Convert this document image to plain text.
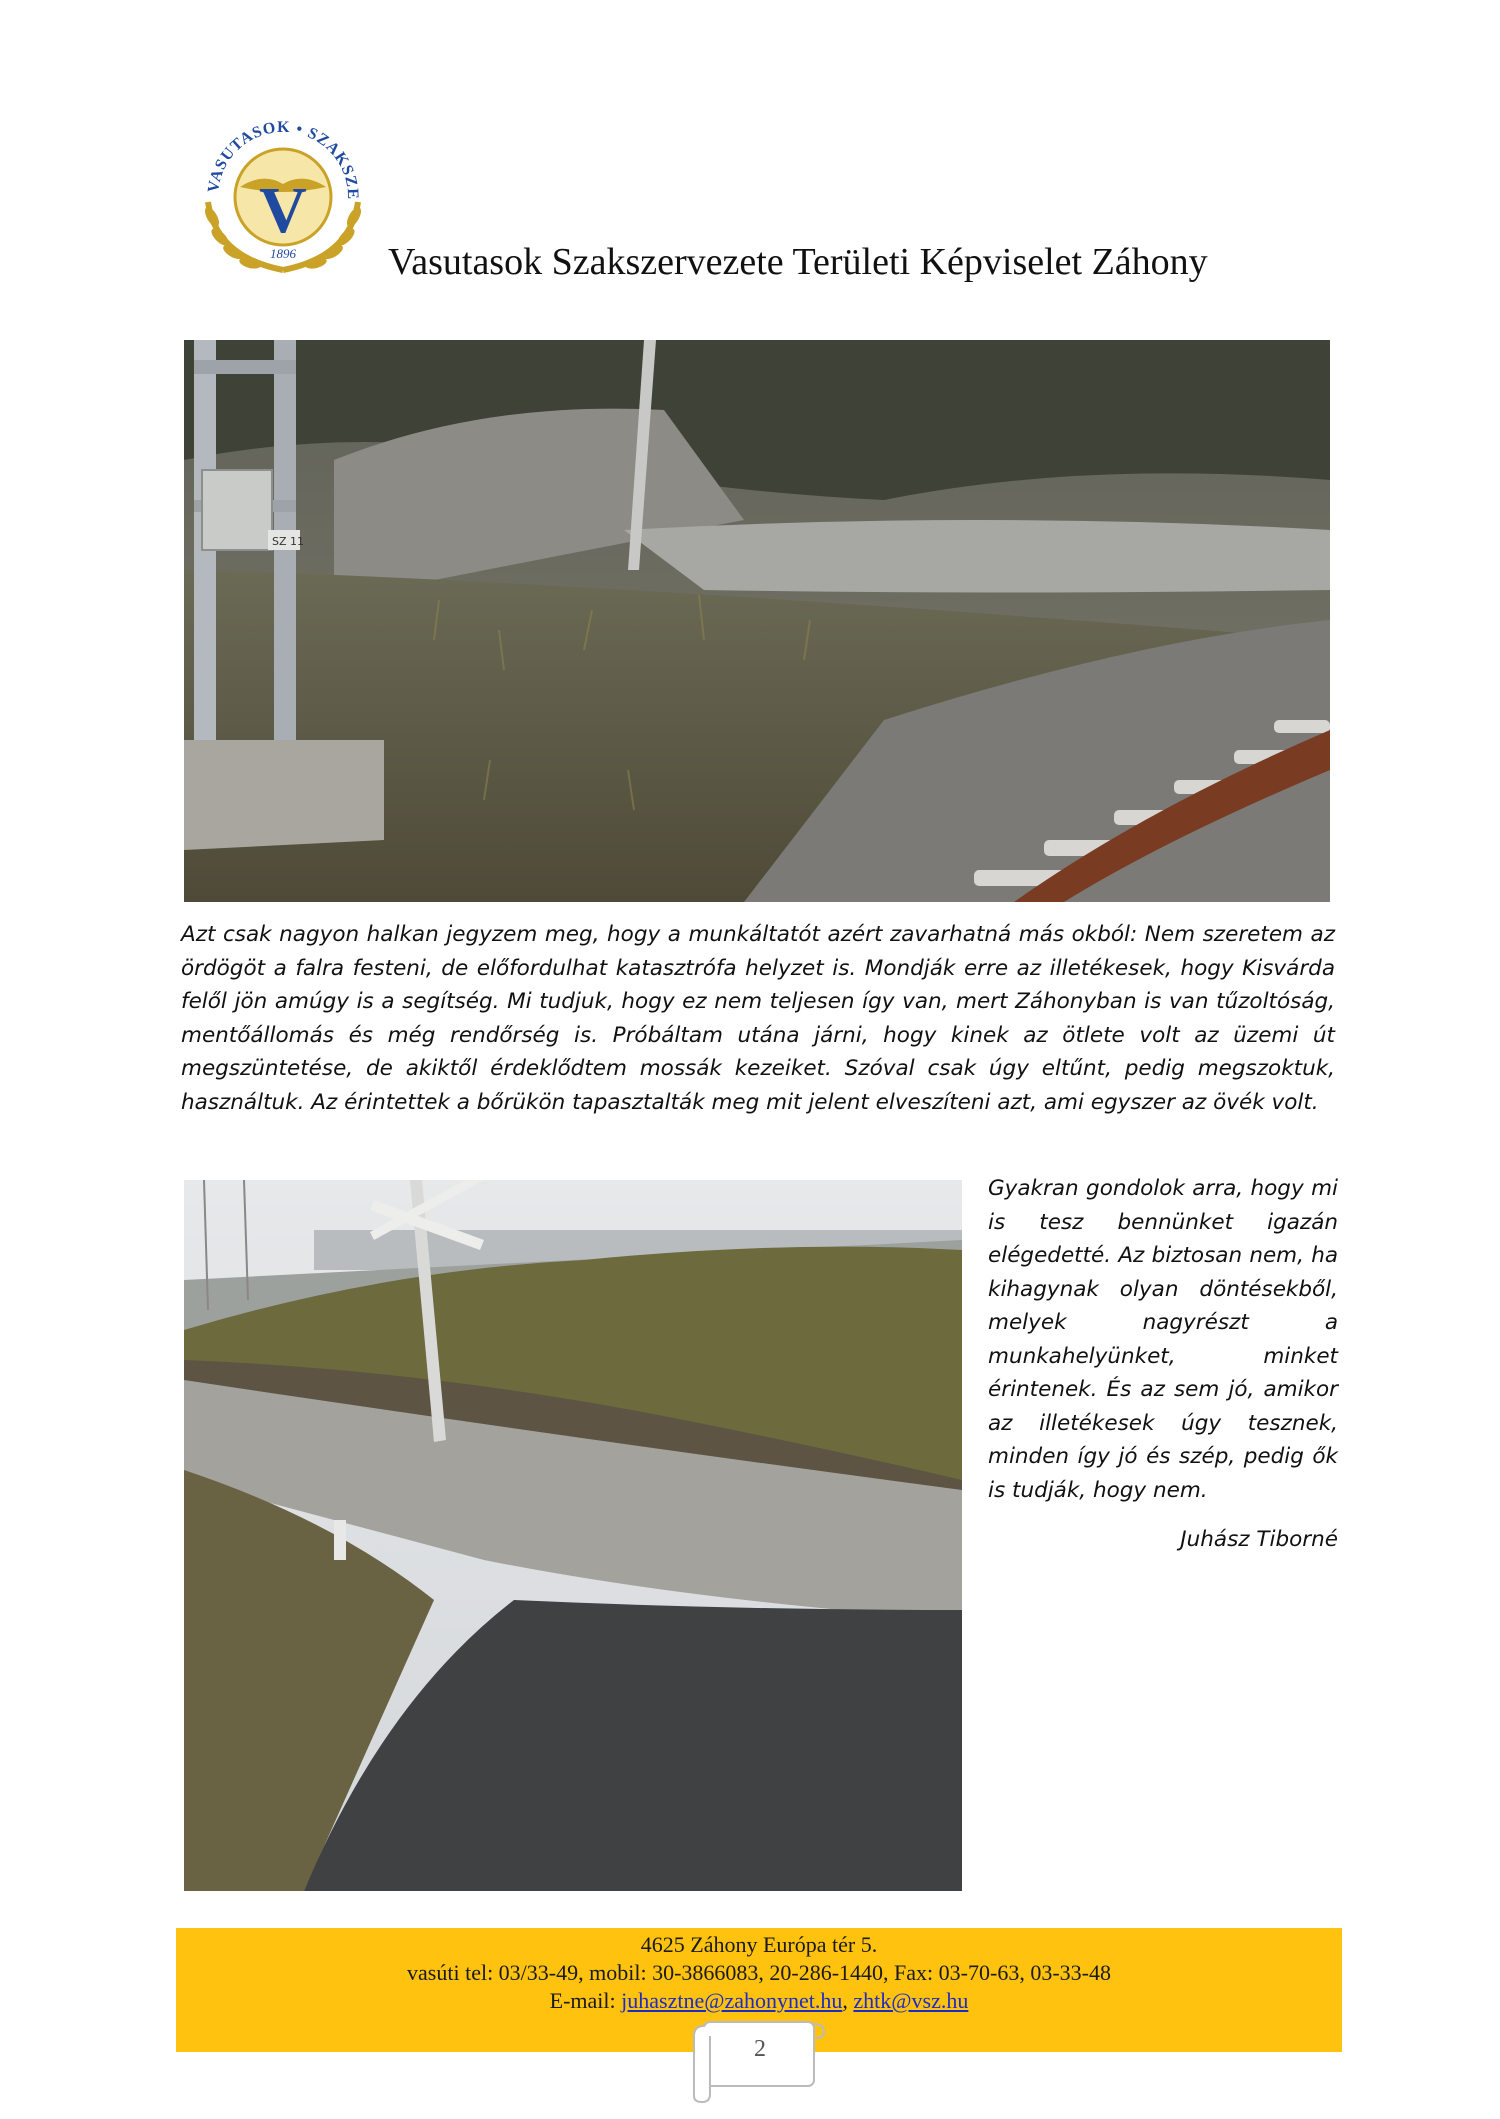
V
VASUTASOK • SZAKSZE
1896 Vasutasok Szakszervezete Területi Képviselet Záhony
SZ 11

Azt csak nagyon halkan jegyzem meg, hogy a munkáltatót azért zavarhatná más okból: Nem szeretem az ördögöt a falra festeni, de előfordulhat katasztrófa helyzet is. Mondják erre az illetékesek, hogy Kisvárda felől jön amúgy is a segítség. Mi tudjuk, hogy ez nem teljesen így van, mert Záhonyban is van tűzoltóság, mentőállomás és még rendőrség is. Próbáltam utána járni, hogy kinek az ötlete volt az üzemi út megszüntetése, de akiktől érdeklődtem mossák kezeiket. Szóval csak úgy eltűnt, pedig megszoktuk, használtuk. Az érintettek a bőrükön tapasztalták meg mit jelent elveszíteni azt, ami egyszer az övék volt.

Gyakran gondolok arra, hogy mi is tesz bennünket igazán elégedetté. Az biztosan nem, ha kihagynak olyan döntésekből, melyek nagyrészt a munkahelyünket, minket érintenek. És az sem jó, amikor az illetékesek úgy tesznek, minden így jó és szép, pedig ők is tudják, hogy nem.

Juhász Tiborné
4625 Záhony Európa tér 5.
vasúti tel: 03/33-49, mobil: 30-3866083, 20-286-1440, Fax: 03-70-63, 03-33-48
E-mail: juhasztne@zahonynet.hu, zhtk@vsz.hu
2
